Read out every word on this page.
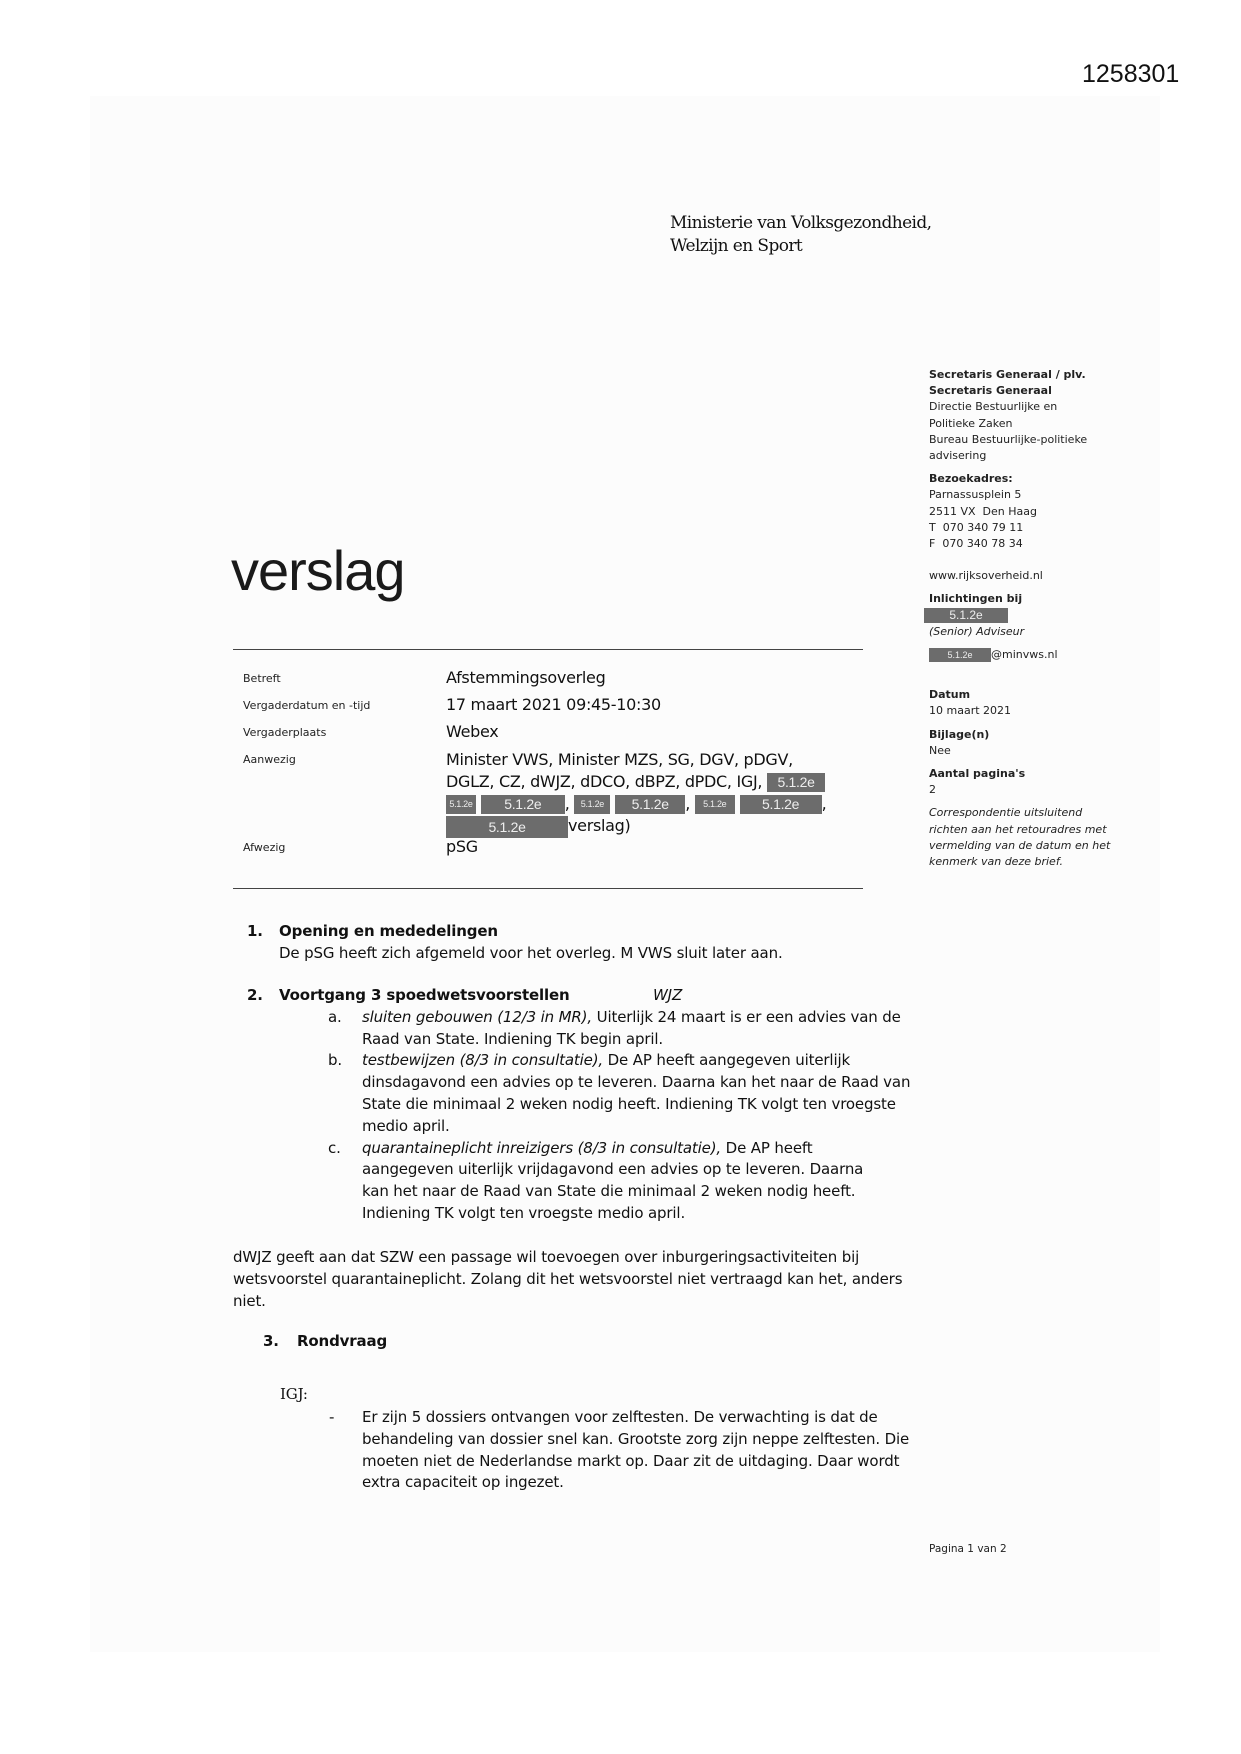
1258301
Ministerie van Volksgezondheid,
Welzijn en Sport
verslag
Betreft	Afstemmingsoverleg
Vergaderdatum en -tijd	17 maart 2021 09:45-10:30
Vergaderplaats	Webex
Aanwezig	Minister VWS, Minister MZS, SG, DGV, pDGV,
DGLZ, CZ, dWJZ, dDCO, dBPZ, dPDC, IGJ, 5.1.2e
5.1.2e 5.1.2e , 5.1.2e 5.1.2e , 5.1.2e	5.1.2e ,
5.1.2e	verslag)
Afwezig	pSG
Secretaris Generaal / plv.
Secretaris Generaal
Directie Bestuurlijke en
Politieke Zaken
Bureau Bestuurlijke-politieke
advisering
Bezoekadres:
Parnassusplein 5
2511 VX  Den Haag
T  070 340 79 11
F  070 340 78 34
www.rijksoverheid.nl
Inlichtingen bij
5.1.2e
(Senior) Adviseur
5.1.2e @minvws.nl
Datum
10 maart 2021
Bijlage(n)
Nee
Aantal pagina's
2
Correspondentie uitsluitend richten aan het retouradres met vermelding van de datum en het kenmerk van deze brief.
1. Opening en mededelingen
De pSG heeft zich afgemeld voor het overleg. M VWS sluit later aan.
2. Voortgang 3 spoedwetsvoorstellen	WJZ
a. sluiten gebouwen (12/3 in MR), Uiterlijk 24 maart is er een advies van de Raad van State. Indiening TK begin april.
b. testbewijzen (8/3 in consultatie), De AP heeft aangegeven uiterlijk dinsdagavond een advies op te leveren. Daarna kan het naar de Raad van State die minimaal 2 weken nodig heeft. Indiening TK volgt ten vroegste medio april.
c. quarantaineplicht inreizigers (8/3 in consultatie), De AP heeft aangegeven uiterlijk vrijdagavond een advies op te leveren. Daarna kan het naar de Raad van State die minimaal 2 weken nodig heeft. Indiening TK volgt ten vroegste medio april.
dWJZ geeft aan dat SZW een passage wil toevoegen over inburgeringsactiviteiten bij wetsvoorstel quarantaineplicht. Zolang dit het wetsvoorstel niet vertraagd kan het, anders niet.
3. Rondvraag
IGJ:
- Er zijn 5 dossiers ontvangen voor zelftesten. De verwachting is dat de behandeling van dossier snel kan. Grootste zorg zijn neppe zelftesten. Die moeten niet de Nederlandse markt op. Daar zit de uitdaging. Daar wordt extra capaciteit op ingezet.
Pagina 1 van 2
